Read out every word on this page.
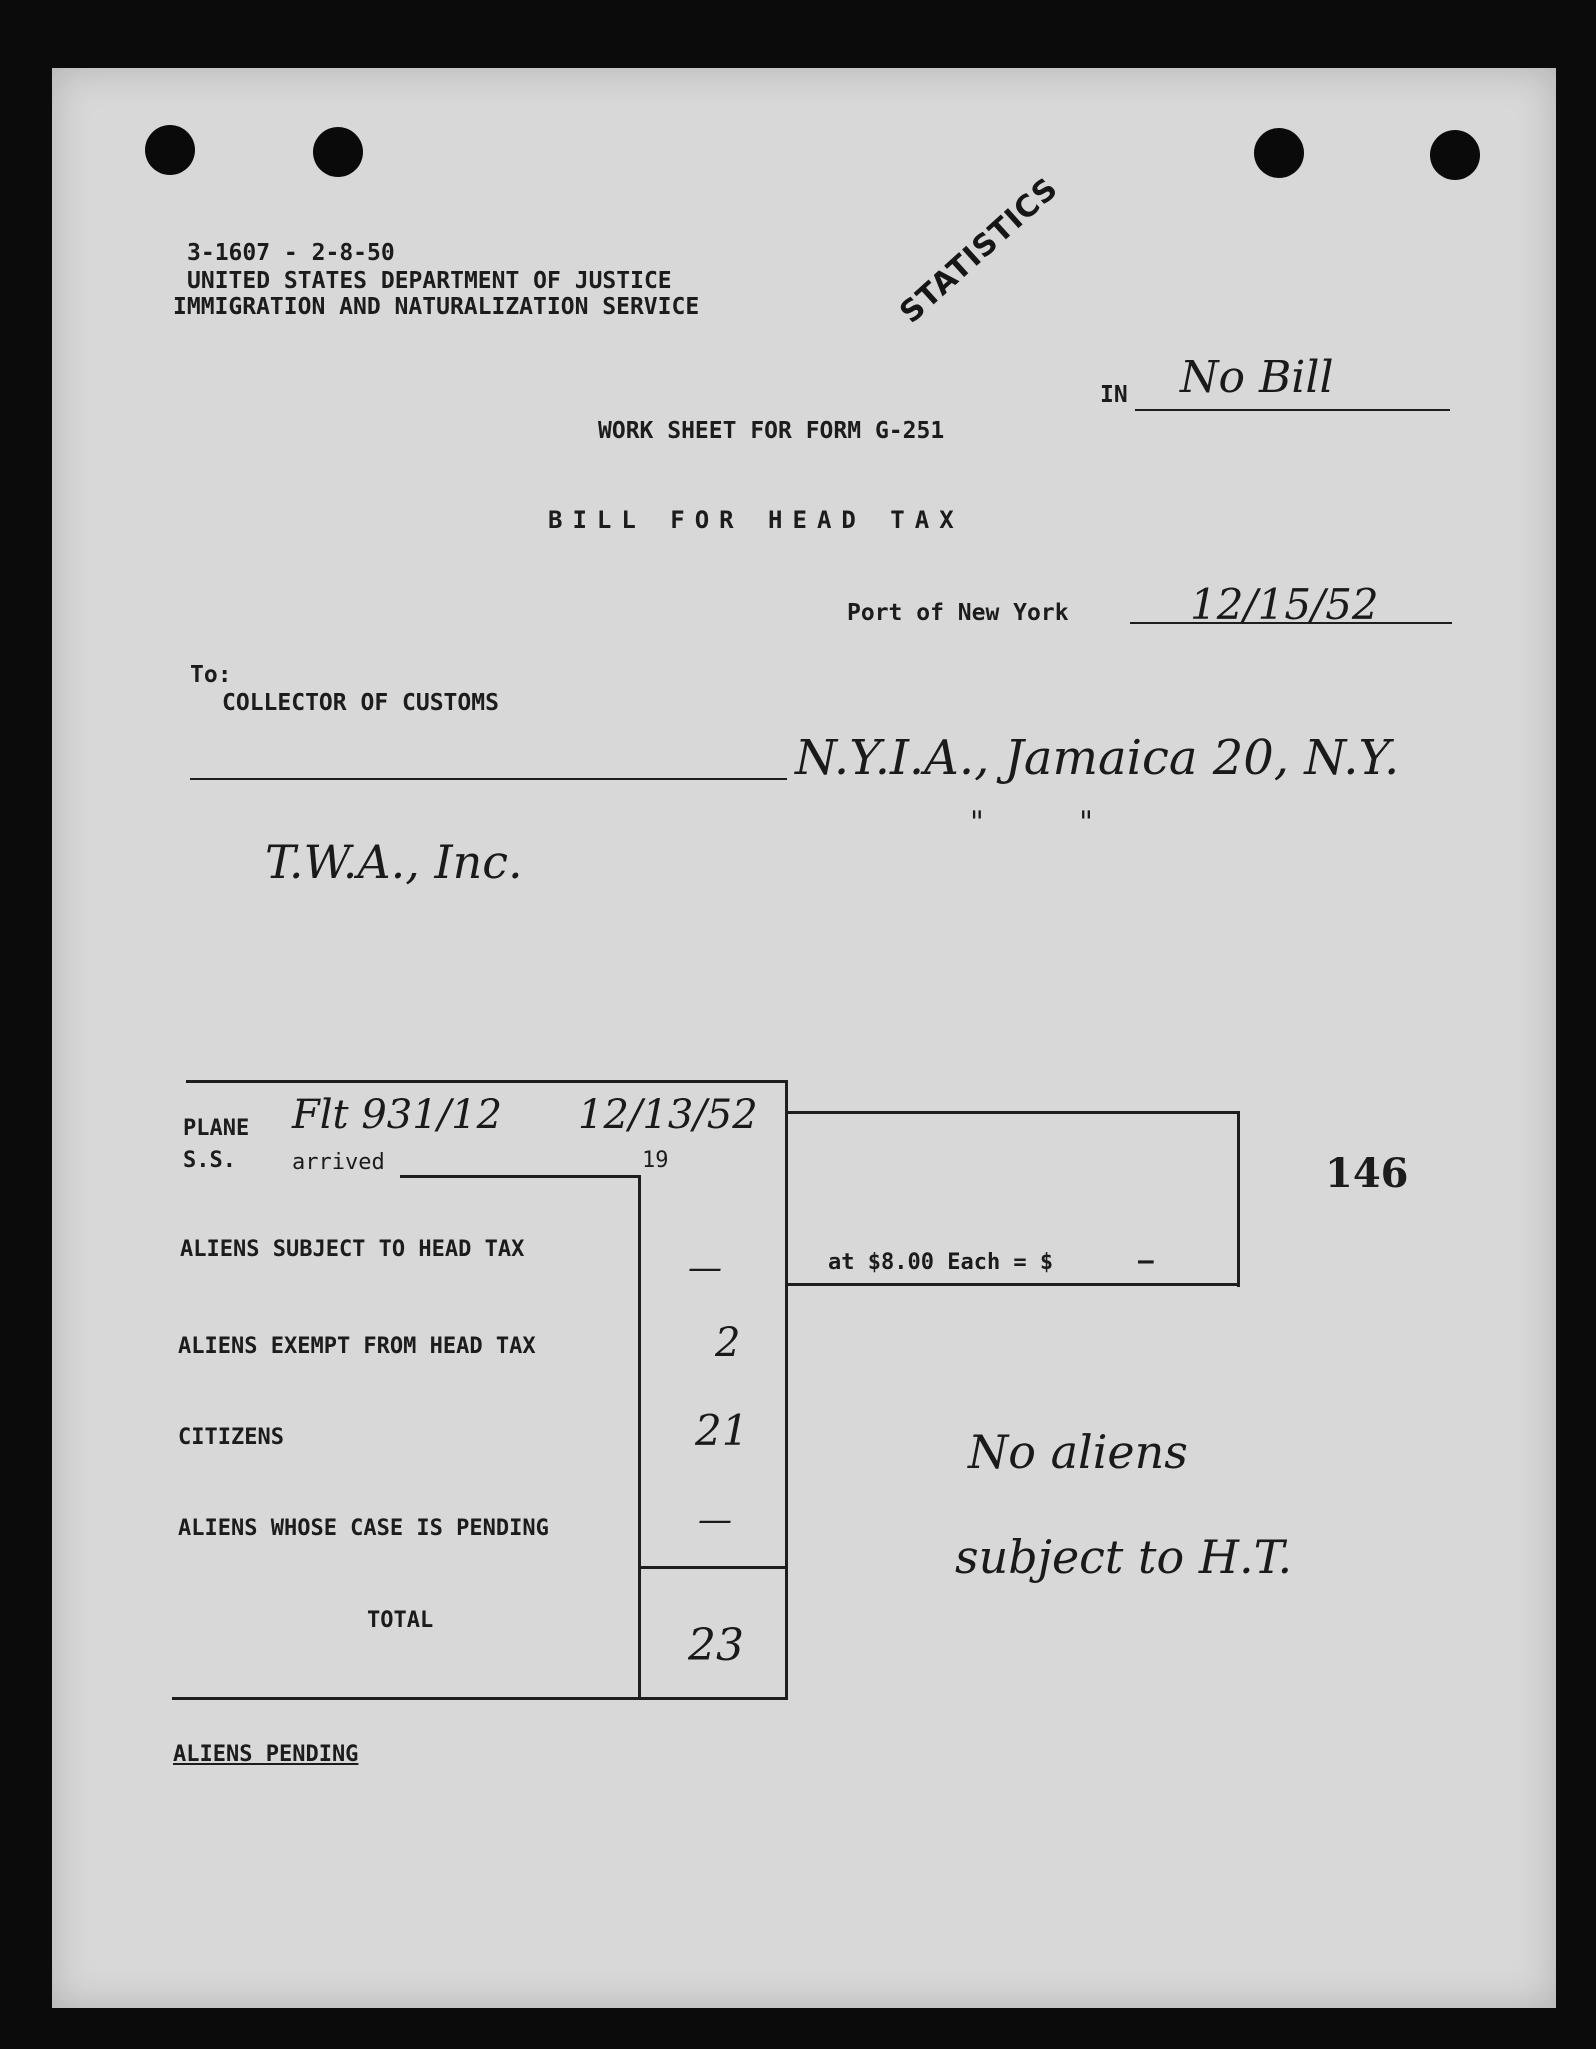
3-1607 - 2-8-50
UNITED STATES DEPARTMENT OF JUSTICE
IMMIGRATION AND NATURALIZATION SERVICE	STATISTICS
IN No Bill
WORK SHEET FOR FORM G-251
BILL FOR HEAD TAX
Port of New York	12/15/52
To:
COLLECTOR OF CUSTOMS
N.Y.I.A., Jamaica 20, N.Y.
"          "
T.W.A., Inc.
PLANE
S.S.	arrived	19
Flt 931/12 12/13/52
ALIENS SUBJECT TO HEAD TAX	—
ALIENS EXEMPT FROM HEAD TAX	2
CITIZENS	21
ALIENS WHOSE CASE IS PENDING	—
TOTAL	23
at $8.00 Each = $	—
146
No aliens
subject to H.T.
ALIENS PENDING
